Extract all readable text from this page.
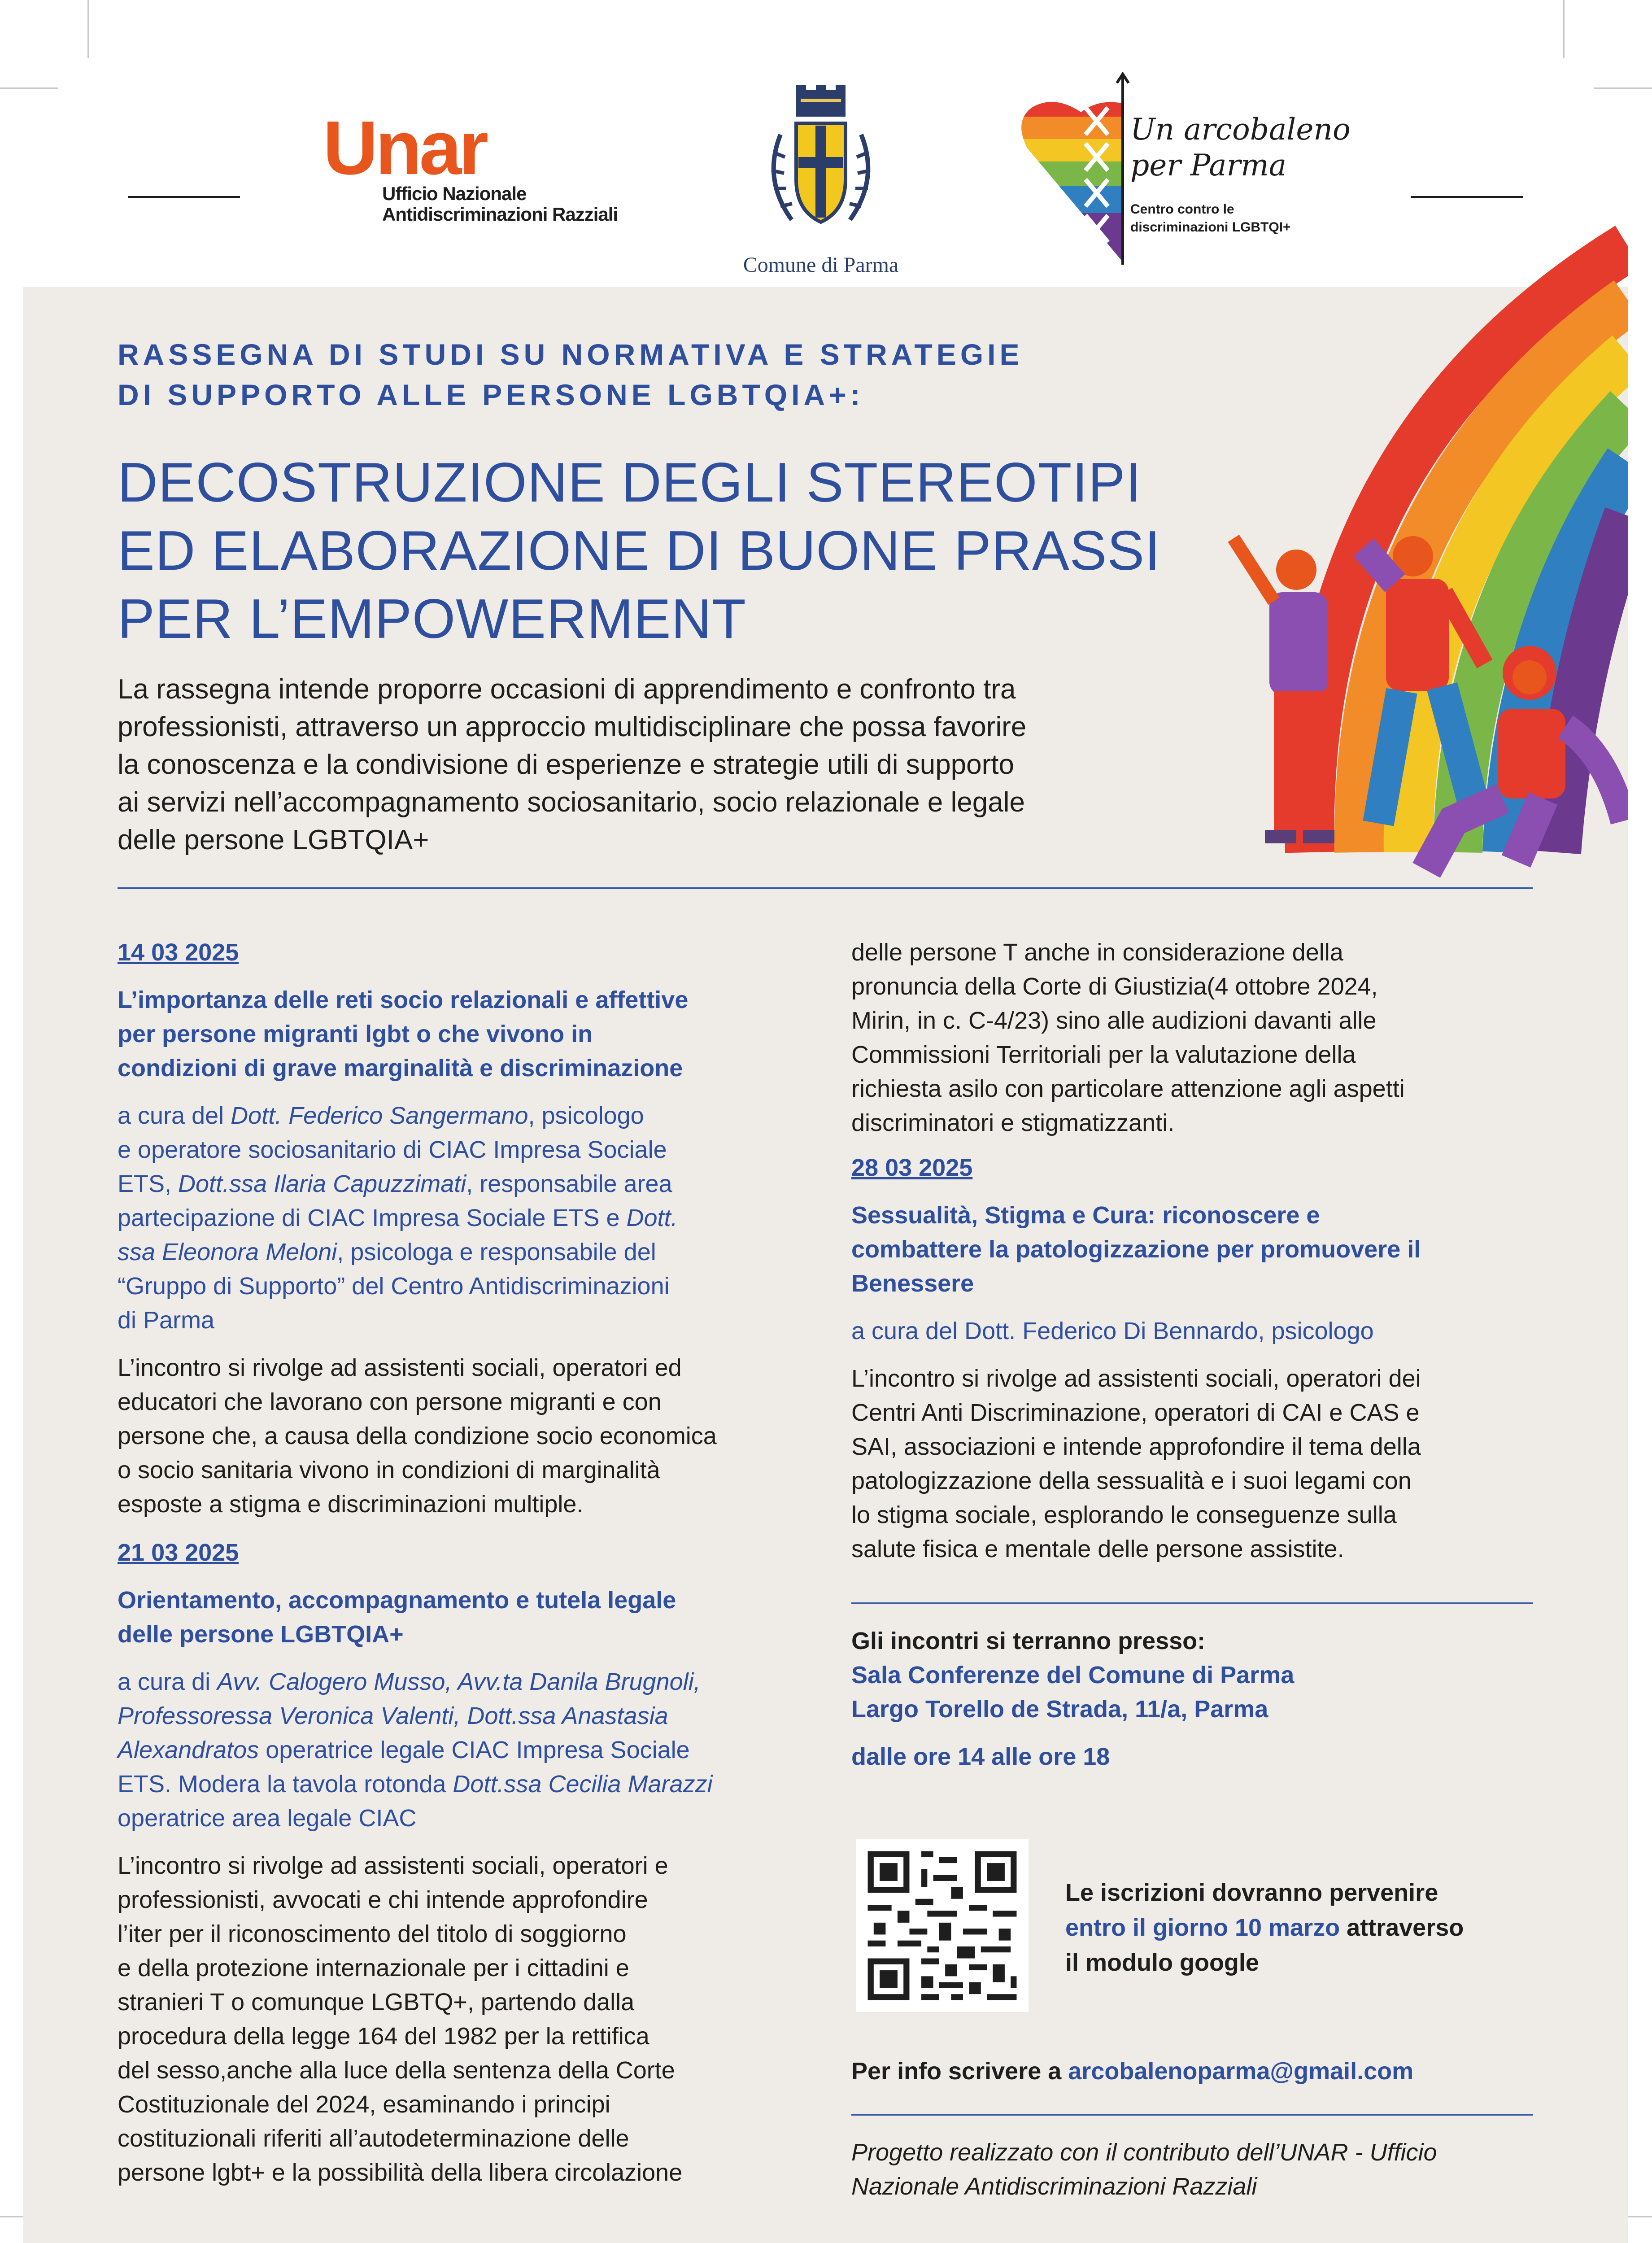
Unar
Ufficio Nazionale
Antidiscriminazioni Razziali
Comune di Parma
Un arcobaleno
per Parma
Centro contro le
discriminazioni LGBTQI+
RASSEGNA DI STUDI SU NORMATIVA E STRATEGIE
DI SUPPORTO ALLE PERSONE LGBTQIA+:
DECOSTRUZIONE DEGLI STEREOTIPI
ED ELABORAZIONE DI BUONE PRASSI
PER L’EMPOWERMENT
La rassegna intende proporre occasioni di apprendimento e confronto tra
professionisti, attraverso un approccio multidisciplinare che possa favorire
la conoscenza e la condivisione di esperienze e strategie utili di supporto
ai servizi nell’accompagnamento sociosanitario, socio relazionale e legale
delle persone LGBTQIA+
14 03 2025
L’importanza delle reti socio relazionali e affettive
per persone migranti lgbt o che vivono in
condizioni di grave marginalità e discriminazione
a cura del Dott. Federico Sangermano, psicologo
e operatore sociosanitario di CIAC Impresa Sociale
ETS, Dott.ssa Ilaria Capuzzimati, responsabile area
partecipazione di CIAC Impresa Sociale ETS e Dott.
ssa Eleonora Meloni, psicologa e responsabile del
“Gruppo di Supporto” del Centro Antidiscriminazioni
di Parma
L’incontro si rivolge ad assistenti sociali, operatori ed
educatori che lavorano con persone migranti e con
persone che, a causa della condizione socio economica
o socio sanitaria vivono in condizioni di marginalità
esposte a stigma e discriminazioni multiple.
21 03 2025
Orientamento, accompagnamento e tutela legale
delle persone LGBTQIA+
a cura di Avv. Calogero Musso, Avv.ta Danila Brugnoli,
Professoressa Veronica Valenti, Dott.ssa Anastasia
Alexandratos operatrice legale CIAC Impresa Sociale
ETS. Modera la tavola rotonda Dott.ssa Cecilia Marazzi
operatrice area legale CIAC
L’incontro si rivolge ad assistenti sociali, operatori e
professionisti, avvocati e chi intende approfondire
l’iter per il riconoscimento del titolo di soggiorno
e della protezione internazionale per i cittadini e
stranieri T o comunque LGBTQ+, partendo dalla
procedura della legge 164 del 1982 per la rettifica
del sesso,anche alla luce della sentenza della Corte
Costituzionale del 2024, esaminando i principi
costituzionali riferiti all’autodeterminazione delle
persone lgbt+ e la possibilità della libera circolazione
delle persone T anche in considerazione della
pronuncia della Corte di Giustizia(4 ottobre 2024,
Mirin, in c. C-4/23) sino alle audizioni davanti alle
Commissioni Territoriali per la valutazione della
richiesta asilo con particolare attenzione agli aspetti
discriminatori e stigmatizzanti.
28 03 2025
Sessualità, Stigma e Cura: riconoscere e
combattere la patologizzazione per promuovere il
Benessere
a cura del Dott. Federico Di Bennardo, psicologo
L’incontro si rivolge ad assistenti sociali, operatori dei
Centri Anti Discriminazione, operatori di CAI e CAS e
SAI, associazioni e intende approfondire il tema della
patologizzazione della sessualità e i suoi legami con
lo stigma sociale, esplorando le conseguenze sulla
salute fisica e mentale delle persone assistite.
Gli incontri si terranno presso:
Sala Conferenze del Comune di Parma
Largo Torello de Strada, 11/a, Parma
dalle ore 14 alle ore 18
Le iscrizioni dovranno pervenire
entro il giorno 10 marzo attraverso
il modulo google
Per info scrivere a arcobalenoparma@gmail.com
Progetto realizzato con il contributo dell’UNAR - Ufficio
Nazionale Antidiscriminazioni Razziali
